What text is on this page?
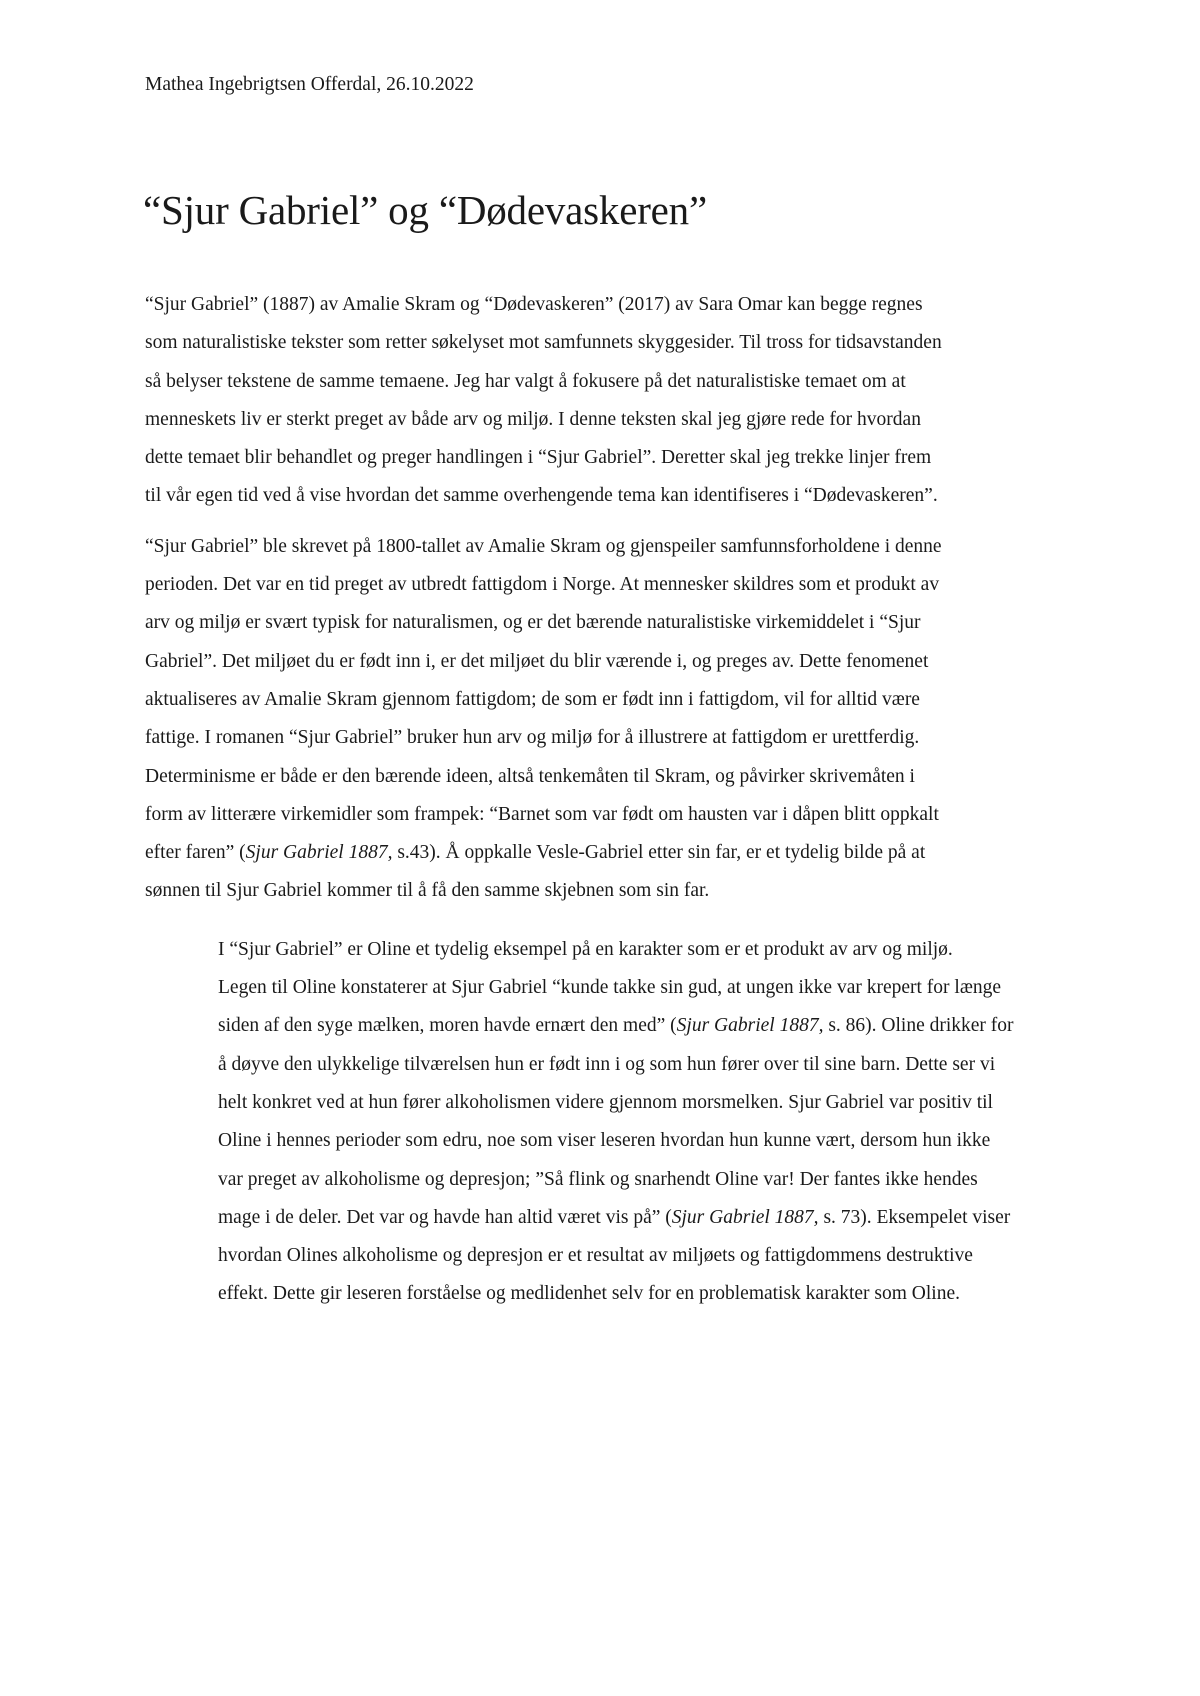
Mathea Ingebrigtsen Offerdal, 26.10.2022

“Sjur Gabriel” og “Dødevaskeren”
“Sjur Gabriel” (1887) av Amalie Skram og “Dødevaskeren” (2017) av Sara Omar kan begge regnes
som naturalistiske tekster som retter søkelyset mot samfunnets skyggesider. Til tross for tidsavstanden
så belyser tekstene de samme temaene. Jeg har valgt å fokusere på det naturalistiske temaet om at
menneskets liv er sterkt preget av både arv og miljø. I denne teksten skal jeg gjøre rede for hvordan
dette temaet blir behandlet og preger handlingen i “Sjur Gabriel”. Deretter skal jeg trekke linjer frem
til vår egen tid ved å vise hvordan det samme overhengende tema kan identifiseres i “Dødevaskeren”.
“Sjur Gabriel” ble skrevet på 1800-tallet av Amalie Skram og gjenspeiler samfunnsforholdene i denne
perioden. Det var en tid preget av utbredt fattigdom i Norge. At mennesker skildres som et produkt av
arv og miljø er svært typisk for naturalismen, og er det bærende naturalistiske virkemiddelet i “Sjur
Gabriel”. Det miljøet du er født inn i, er det miljøet du blir værende i, og preges av. Dette fenomenet
aktualiseres av Amalie Skram gjennom fattigdom; de som er født inn i fattigdom, vil for alltid være
fattige. I romanen “Sjur Gabriel” bruker hun arv og miljø for å illustrere at fattigdom er urettferdig.
Determinisme er både er den bærende ideen, altså tenkemåten til Skram, og påvirker skrivemåten i
form av litterære virkemidler som frampek: “Barnet som var født om hausten var i dåpen blitt oppkalt
efter faren” (Sjur Gabriel 1887, s.43). Å oppkalle Vesle-Gabriel etter sin far, er et tydelig bilde på at
sønnen til Sjur Gabriel kommer til å få den samme skjebnen som sin far.
I “Sjur Gabriel” er Oline et tydelig eksempel på en karakter som er et produkt av arv og miljø.
Legen til Oline konstaterer at Sjur Gabriel “kunde takke sin gud, at ungen ikke var krepert for længe
siden af den syge mælken, moren havde ernært den med” (Sjur Gabriel 1887, s. 86). Oline drikker for
å døyve den ulykkelige tilværelsen hun er født inn i og som hun fører over til sine barn. Dette ser vi
helt konkret ved at hun fører alkoholismen videre gjennom morsmelken. Sjur Gabriel var positiv til
Oline i hennes perioder som edru, noe som viser leseren hvordan hun kunne vært, dersom hun ikke
var preget av alkoholisme og depresjon; ”Så flink og snarhendt Oline var! Der fantes ikke hendes
mage i de deler. Det var og havde han altid været vis på” (Sjur Gabriel 1887, s. 73). Eksempelet viser
hvordan Olines alkoholisme og depresjon er et resultat av miljøets og fattigdommens destruktive
effekt. Dette gir leseren forståelse og medlidenhet selv for en problematisk karakter som Oline.
